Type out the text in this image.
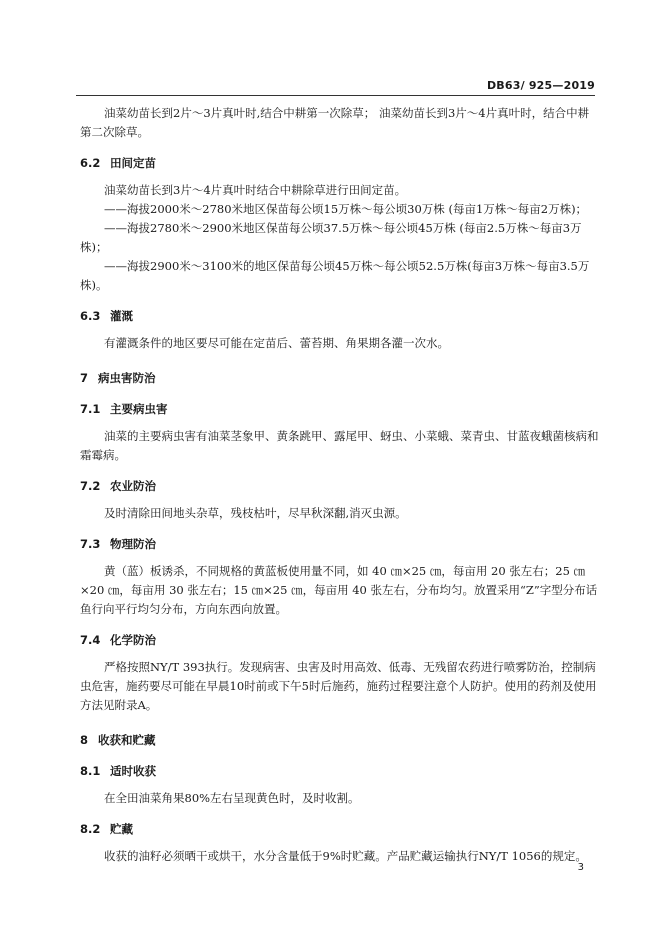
DB63/ 925—2019

油菜幼苗长到2片～3片真叶时,结合中耕第一次除草； 油菜幼苗长到3片～4片真叶时，结合中耕第二次除草。

6.2 田间定苗

油菜幼苗长到3片～4片真叶时结合中耕除草进行田间定苗。

——海拔2000米～2780米地区保苗每公顷15万株～每公顷30万株 (每亩1万株～每亩2万株)；

——海拔2780米～2900米地区保苗每公顷37.5万株～每公顷45万株 (每亩2.5万株～每亩3万株)；

——海拔2900米～3100米的地区保苗每公顷45万株～每公顷52.5万株(每亩3万株～每亩3.5万株)。

6.3 灌溉

有灌溉条件的地区要尽可能在定苗后、蕾苔期、角果期各灌一次水。

7 病虫害防治
7.1 主要病虫害

油菜的主要病虫害有油菜茎象甲、黄条跳甲、露尾甲、蚜虫、小菜蛾、菜青虫、甘蓝夜蛾菌核病和霜霉病。

7.2 农业防治

及时清除田间地头杂草，残枝枯叶，尽早秋深翻,消灭虫源。

7.3 物理防治

黄（蓝）板诱杀，不同规格的黄蓝板使用量不同，如 40 ㎝×25 ㎝，每亩用 20 张左右；25 ㎝×20 ㎝，每亩用 30 张左右；15 ㎝×25 ㎝，每亩用 40 张左右，分布均匀。放置采用“Z”字型分布话鱼行向平行均匀分布，方向东西向放置。

7.4 化学防治

严格按照NY/T 393执行。发现病害、虫害及时用高效、低毒、无残留农药进行喷雾防治，控制病虫危害，施药要尽可能在早晨10时前或下午5时后施药，施药过程要注意个人防护。使用的药剂及使用方法见附录A。

8 收获和贮藏
8.1 适时收获

在全田油菜角果80%左右呈现黄色时，及时收割。

8.2 贮藏

收获的油籽必须晒干或烘干，水分含量低于9%时贮藏。产品贮藏运输执行NY/T 1056的规定。

3
